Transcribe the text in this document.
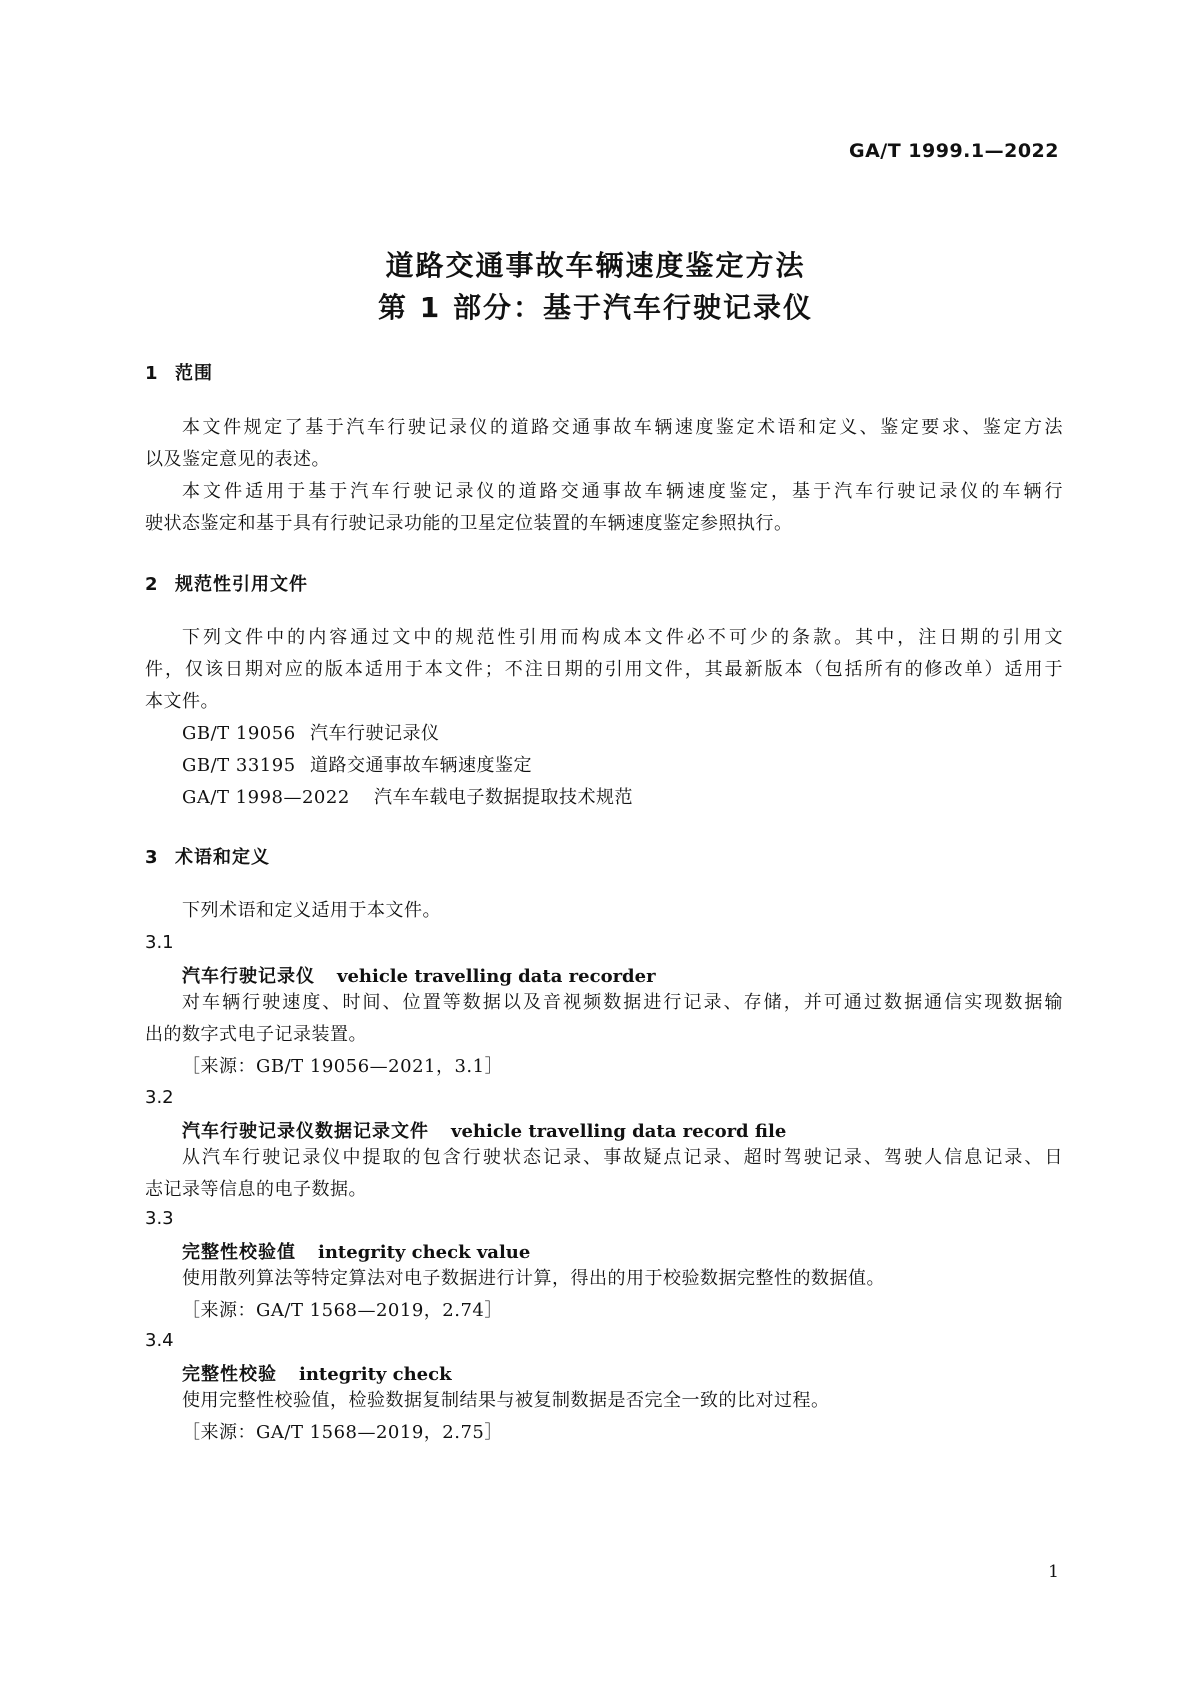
GA/T 1999.1—2022
道路交通事故车辆速度鉴定方法
第 1 部分：基于汽车行驶记录仪
1 范围
本文件规定了基于汽车行驶记录仪的道路交通事故车辆速度鉴定术语和定义、鉴定要求、鉴定方法
以及鉴定意见的表述。
本文件适用于基于汽车行驶记录仪的道路交通事故车辆速度鉴定，基于汽车行驶记录仪的车辆行
驶状态鉴定和基于具有行驶记录功能的卫星定位装置的车辆速度鉴定参照执行。
2 规范性引用文件
下列文件中的内容通过文中的规范性引用而构成本文件必不可少的条款。其中，注日期的引用文
件，仅该日期对应的版本适用于本文件；不注日期的引用文件，其最新版本（包括所有的修改单）适用于
本文件。
GB/T 19056 汽车行驶记录仪
GB/T 33195 道路交通事故车辆速度鉴定
GA/T 1998—2022 汽车车载电子数据提取技术规范
3 术语和定义
下列术语和定义适用于本文件。
3.1
汽车行驶记录仪 vehicle travelling data recorder
对车辆行驶速度、时间、位置等数据以及音视频数据进行记录、存储，并可通过数据通信实现数据输
出的数字式电子记录装置。
［来源：GB/T 19056—2021，3.1］
3.2
汽车行驶记录仪数据记录文件 vehicle travelling data record file
从汽车行驶记录仪中提取的包含行驶状态记录、事故疑点记录、超时驾驶记录、驾驶人信息记录、日
志记录等信息的电子数据。
3.3
完整性校验值 integrity check value
使用散列算法等特定算法对电子数据进行计算，得出的用于校验数据完整性的数据值。
［来源：GA/T 1568—2019，2.74］
3.4
完整性校验 integrity check
使用完整性校验值，检验数据复制结果与被复制数据是否完全一致的比对过程。
［来源：GA/T 1568—2019，2.75］
1
